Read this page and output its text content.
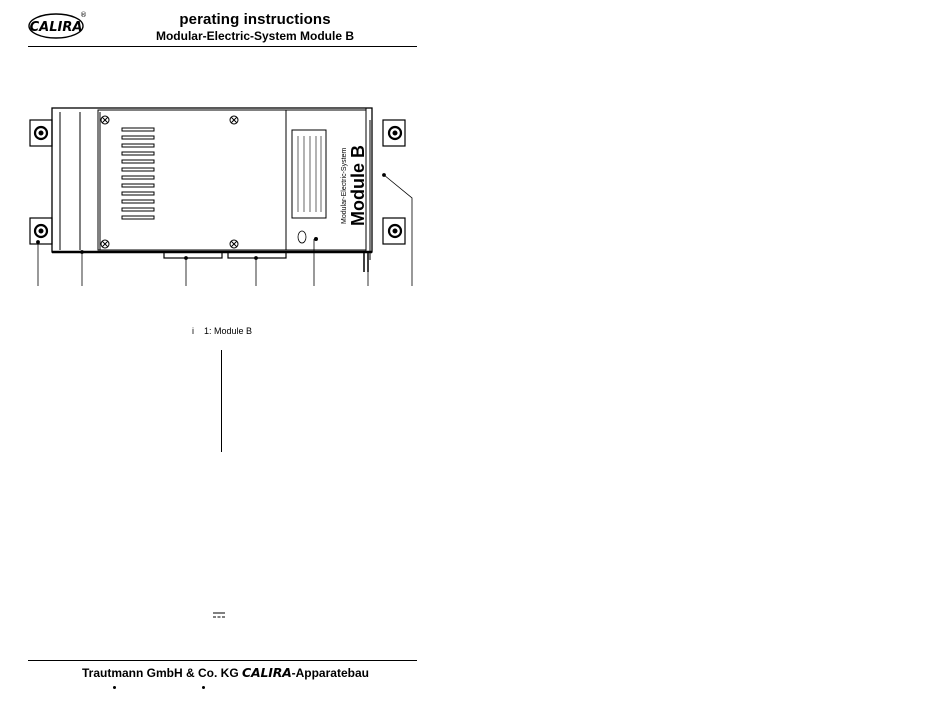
CALIRA
®	perating instructions
Modular-Electric-System Module B
Modular-Electric-System Module B
i 1: Module B
Trautmann GmbH & Co. KG CALIRA-Apparatebau
